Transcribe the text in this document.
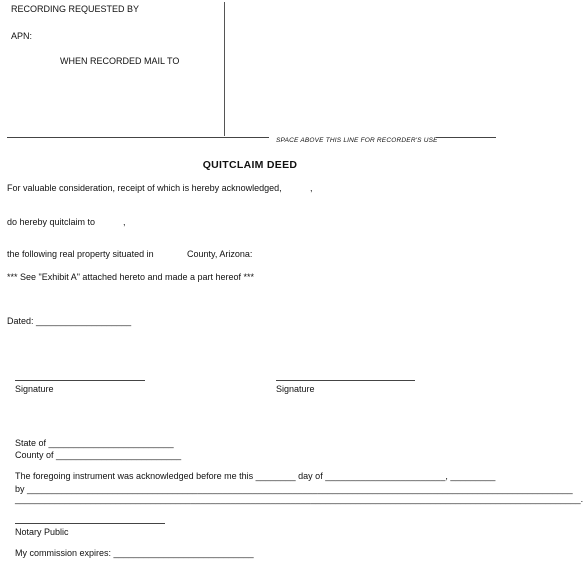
RECORDING REQUESTED BY
APN:
WHEN RECORDED MAIL TO
SPACE ABOVE THIS LINE FOR RECORDER'S USE
QUITCLAIM DEED
For valuable consideration, receipt of which is hereby acknowledged,	,
do hereby quitclaim to	,
the following real property situated in	County, Arizona:
*** See "Exhibit A" attached hereto and made a part hereof ***
Dated: ___________________
Signature	Signature
State of _________________________
County of _________________________
The foregoing instrument was acknowledged before me this ________ day of ________________________, _________
by _____________________________________________________________________________________________________________
_________________________________________________________________________________________________________________.
Notary Public
My commission expires: ____________________________
